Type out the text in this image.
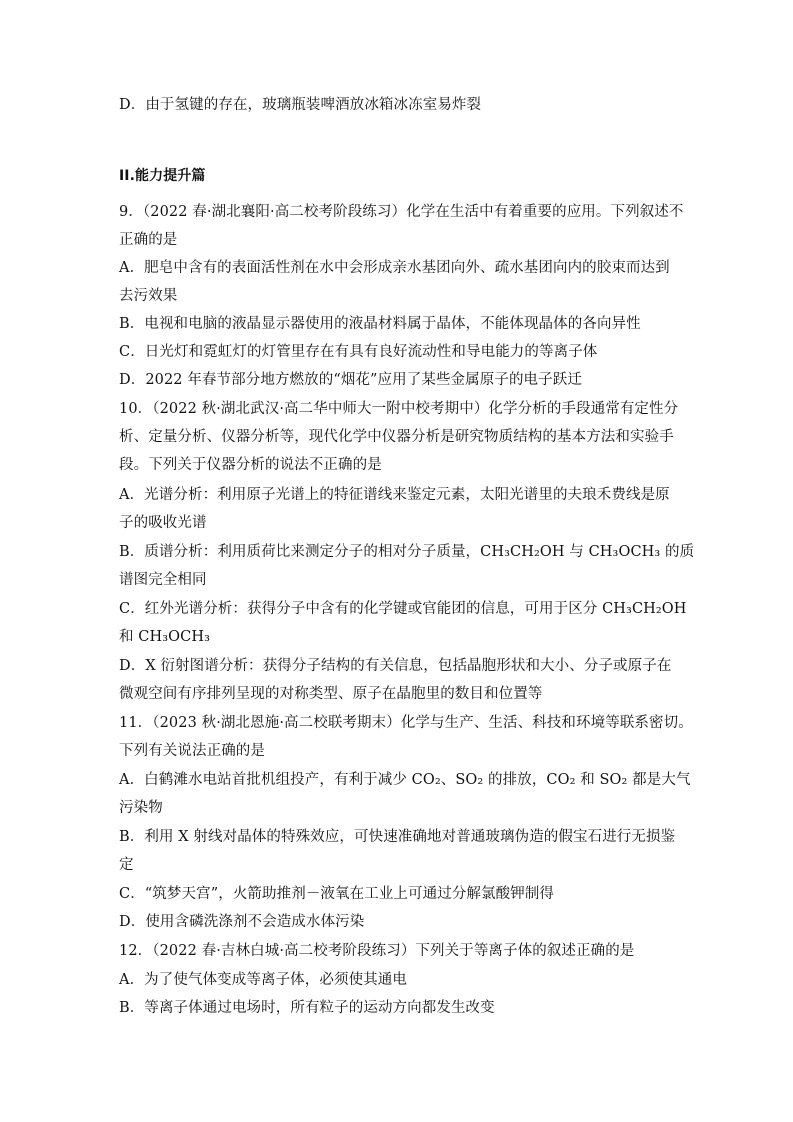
D．由于氢键的存在，玻璃瓶装啤酒放冰箱冰冻室易炸裂
II.能力提升篇
9．（2022 春·湖北襄阳·高二校考阶段练习）化学在生活中有着重要的应用。下列叙述不
正确的是
A．肥皂中含有的表面活性剂在水中会形成亲水基团向外、疏水基团向内的胶束而达到
去污效果
B．电视和电脑的液晶显示器使用的液晶材料属于晶体，不能体现晶体的各向异性
C．日光灯和霓虹灯的灯管里存在有具有良好流动性和导电能力的等离子体
D．2022 年春节部分地方燃放的“烟花”应用了某些金属原子的电子跃迁
10．（2022 秋·湖北武汉·高二华中师大一附中校考期中）化学分析的手段通常有定性分
析、定量分析、仪器分析等，现代化学中仪器分析是研究物质结构的基本方法和实验手
段。下列关于仪器分析的说法不正确的是
A．光谱分析：利用原子光谱上的特征谱线来鉴定元素，太阳光谱里的夫琅禾费线是原
子的吸收光谱
B．质谱分析：利用质荷比来测定分子的相对分子质量，CH₃CH₂OH 与 CH₃OCH₃ 的质
谱图完全相同
C．红外光谱分析：获得分子中含有的化学键或官能团的信息，可用于区分 CH₃CH₂OH
和 CH₃OCH₃
D．X 衍射图谱分析：获得分子结构的有关信息，包括晶胞形状和大小、分子或原子在
微观空间有序排列呈现的对称类型、原子在晶胞里的数目和位置等
11．（2023 秋·湖北恩施·高二校联考期末）化学与生产、生活、科技和环境等联系密切。
下列有关说法正确的是
A．白鹤滩水电站首批机组投产，有利于减少 CO₂、SO₂ 的排放，CO₂ 和 SO₂ 都是大气
污染物
B．利用 X 射线对晶体的特殊效应，可快速准确地对普通玻璃伪造的假宝石进行无损鉴
定
C．“筑梦天宫”，火箭助推剂－液氧在工业上可通过分解氯酸钾制得
D．使用含磷洗涤剂不会造成水体污染
12．（2022 春·吉林白城·高二校考阶段练习）下列关于等离子体的叙述正确的是
A．为了使气体变成等离子体，必须使其通电
B．等离子体通过电场时，所有粒子的运动方向都发生改变
